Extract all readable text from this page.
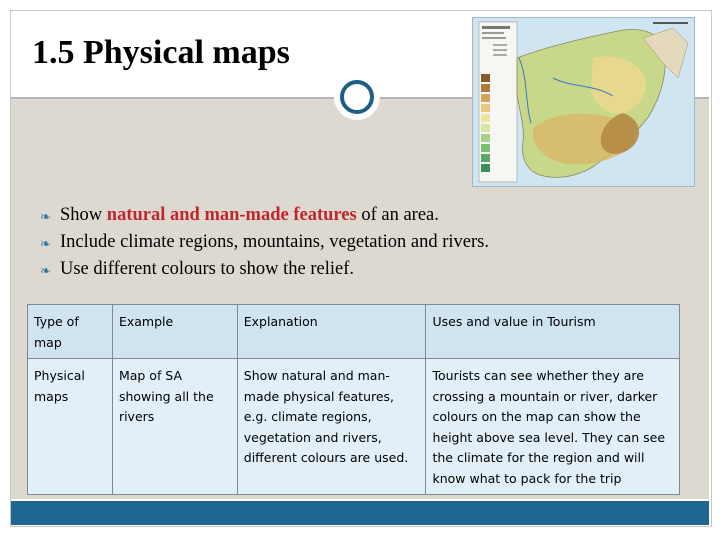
1.5 Physical maps
❧ Show natural and man-made features of an area.
❧ Include climate regions, mountains, vegetation and rivers.
❧ Use different colours to show the relief.
Type of map	Example	Explanation	Uses and value in Tourism
Physical maps	Map of SA showing all the rivers	Show natural and man-made physical features, e.g. climate regions, vegetation and rivers, different colours are used.	Tourists can see whether they are crossing a mountain or river, darker colours on the map can show the height above sea level. They can see the climate for the region and will know what to pack for the trip
